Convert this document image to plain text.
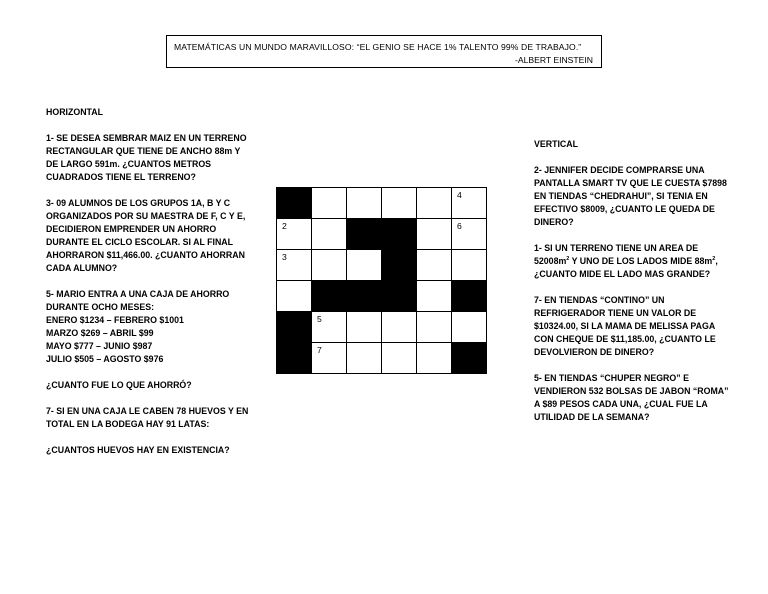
MATEMÁTICAS UN MUNDO MARAVILLOSO: “EL GENIO SE HACE 1% TALENTO 99% DE TRABAJO.”
-ALBERT EINSTEIN

HORIZONTAL

1- SE DESEA SEMBRAR MAIZ EN UN TERRENO RECTANGULAR QUE TIENE DE ANCHO 88m Y DE LARGO 591m. ¿CUANTOS METROS CUADRADOS TIENE EL TERRENO?

3- 09 ALUMNOS DE LOS GRUPOS 1A, B Y C ORGANIZADOS POR SU MAESTRA DE F, C Y E, DECIDIERON EMPRENDER UN AHORRO DURANTE EL CICLO ESCOLAR. SI AL FINAL AHORRARON $11,466.00. ¿CUANTO AHORRAN CADA ALUMNO?

5- MARIO ENTRA A UNA CAJA DE AHORRO DURANTE OCHO MESES:
ENERO $1234 – FEBRERO $1001
MARZO $269 – ABRIL $99
MAYO $777 – JUNIO $987
JULIO $505 – AGOSTO $976

¿CUANTO FUE LO QUE AHORRÓ?

7- SI EN UNA CAJA LE CABEN 78 HUEVOS Y EN TOTAL EN LA BODEGA HAY 91 LATAS:

¿CUANTOS HUEVOS HAY EN EXISTENCIA?

VERTICAL

2- JENNIFER DECIDE COMPRARSE UNA PANTALLA SMART TV QUE LE CUESTA $7898 EN TIENDAS “CHEDRAHUI”, SI TENIA EN EFECTIVO $8009, ¿CUANTO LE QUEDA DE DINERO?

1- SI UN TERRENO TIENE UN AREA DE $52008m^2$ Y UNO DE LOS LADOS MIDE $88m^2$, ¿CUANTO MIDE EL LADO MAS GRANDE?

7- EN TIENDAS “CONTINO” UN REFRIGERADOR TIENE UN VALOR DE $10324.00, SI LA MAMA DE MELISSA PAGA CON CHEQUE DE $11,185.00, ¿CUANTO LE DEVOLVIERON DE DINERO?

5- EN TIENDAS “CHUPER NEGRO” E VENDIERON 532 BOLSAS DE JABON “ROMA” A $89 PESOS CADA UNA, ¿CUAL FUE LA UTILIDAD DE LA SEMANA?

					4

2					6

3					

	5				

	7				
